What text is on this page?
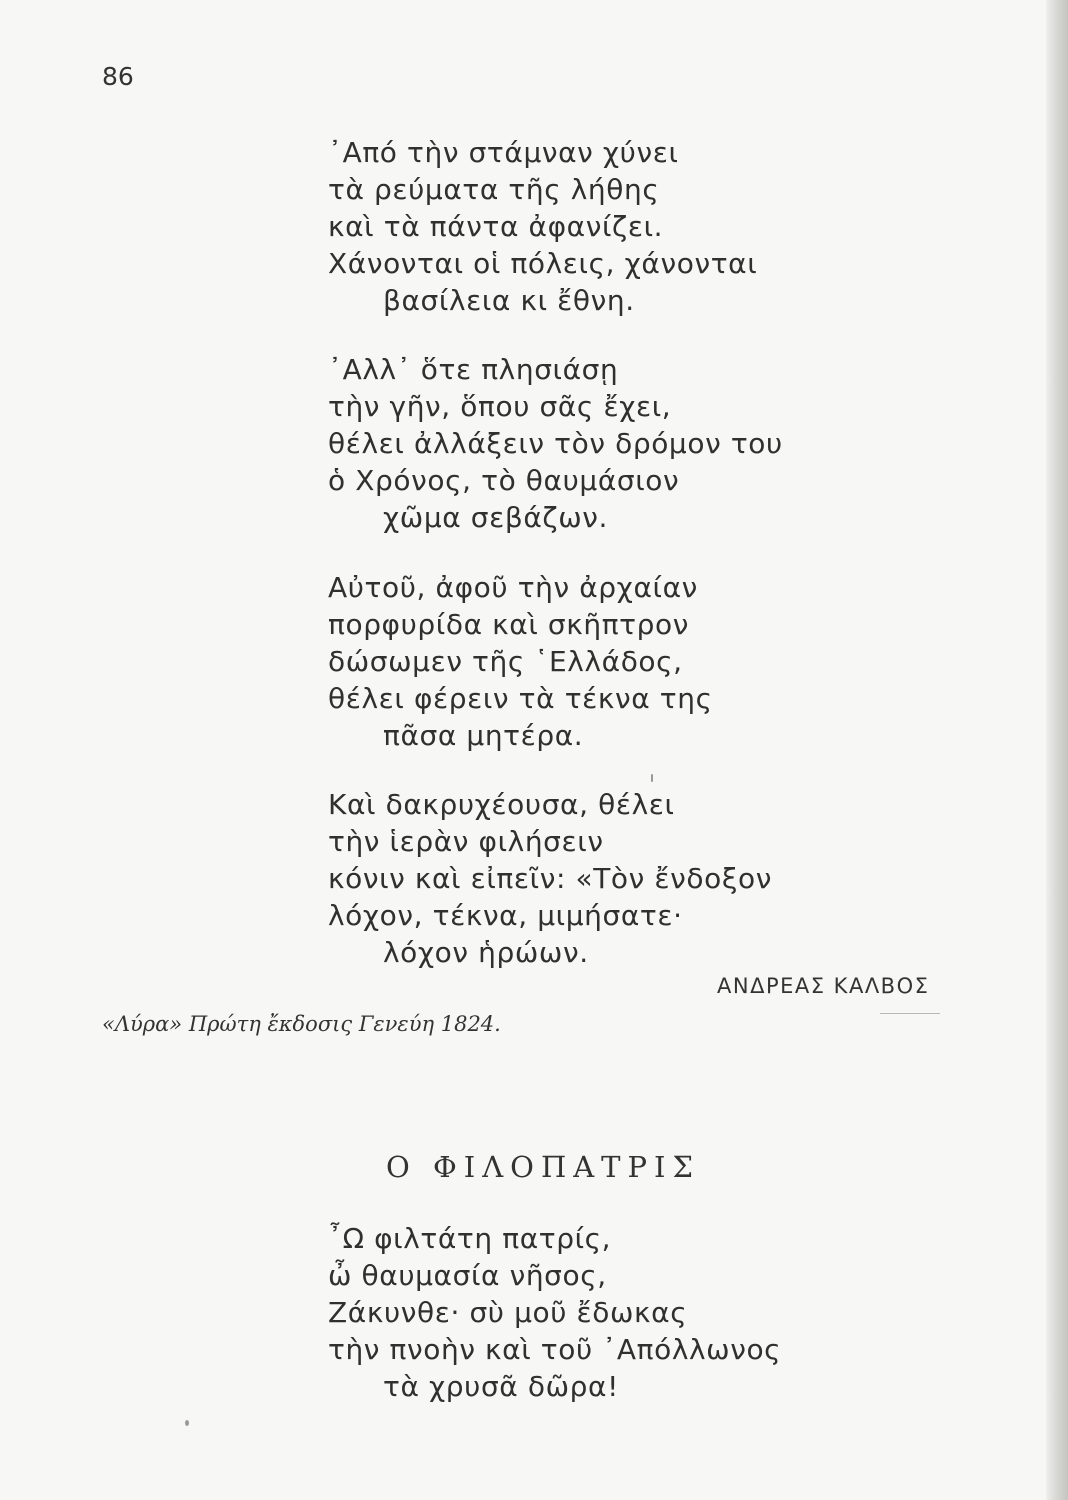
86
᾿Από τὴν στάμναν χύνει
τὰ ρεύματα τῆς λήθης
καὶ τὰ πάντα ἀφανίζει.
Χάνονται οἱ πόλεις, χάνονται
βασίλεια κι ἔθνη.
᾿Αλλ᾿ ὅτε πλησιάσῃ
τὴν γῆν, ὅπου σᾶς ἔχει,
θέλει ἀλλάξειν τὸν δρόμον του
ὁ Χρόνος, τὸ θαυμάσιον
χῶμα σεβάζων.
Αὐτοῦ, ἀφοῦ τὴν ἀρχαίαν
πορφυρίδα καὶ σκῆπτρον
δώσωμεν τῆς ῾Ελλάδος,
θέλει φέρειν τὰ τέκνα της
πᾶσα μητέρα.
Καὶ δακρυχέουσα, θέλει
τὴν ἱερὰν φιλήσειν
κόνιν καὶ εἰπεῖν: «Τὸν ἔνδοξον
λόχον, τέκνα, μιμήσατε·
λόχον ἡρώων.
ΑΝΔΡΕΑΣ ΚΑΛΒΟΣ
«Λύρα» Πρώτη ἔκδοσις Γενεύη 1824.
Ο ΦΙΛΟΠΑΤΡΙΣ
῏Ω φιλτάτη πατρίς,
ὦ θαυμασία νῆσος,
Ζάκυνθε· σὺ μοῦ ἔδωκας
τὴν πνοὴν καὶ τοῦ ᾿Απόλλωνος
τὰ χρυσᾶ δῶρα!
